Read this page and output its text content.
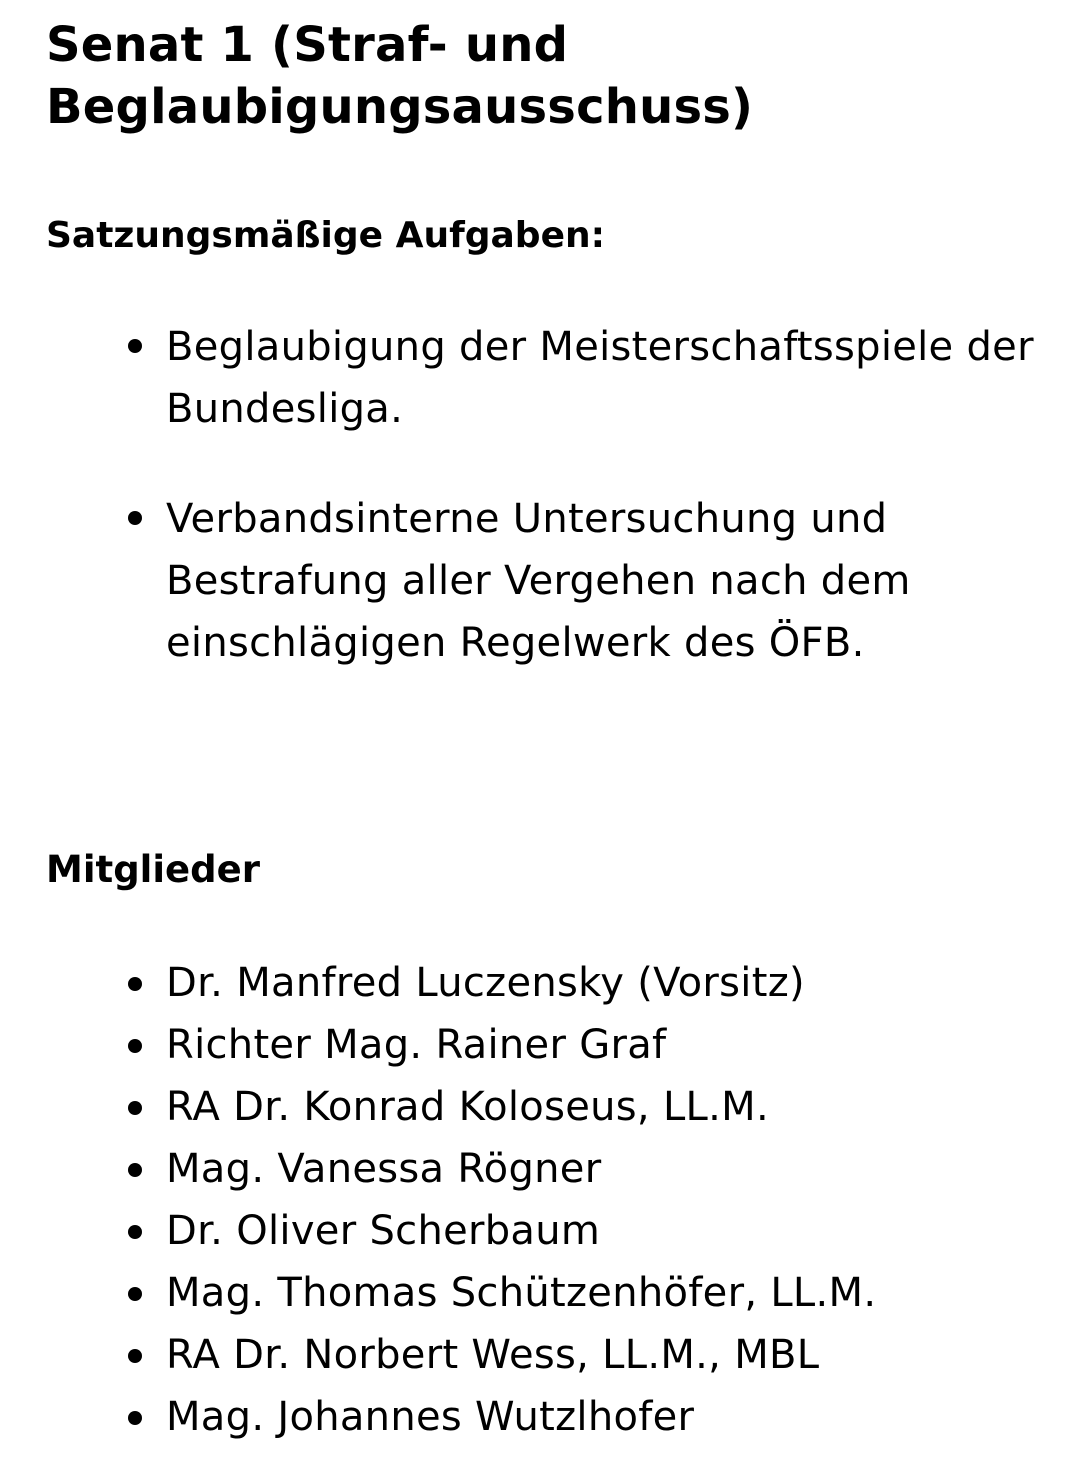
Senat 1 (Straf- und Beglaubigungsausschuss)
Satzungsmäßige Aufgaben:
Beglaubigung der Meisterschaftsspiele der Bundesliga.
Verbandsinterne Untersuchung und Bestrafung aller Vergehen nach dem einschlägigen Regelwerk des ÖFB.
Mitglieder
Dr. Manfred Luczensky (Vorsitz)
Richter Mag. Rainer Graf
RA Dr. Konrad Koloseus, LL.M.
Mag. Vanessa Rögner
Dr. Oliver Scherbaum
Mag. Thomas Schützenhöfer, LL.M.
RA Dr. Norbert Wess, LL.M., MBL
Mag. Johannes Wutzlhofer
